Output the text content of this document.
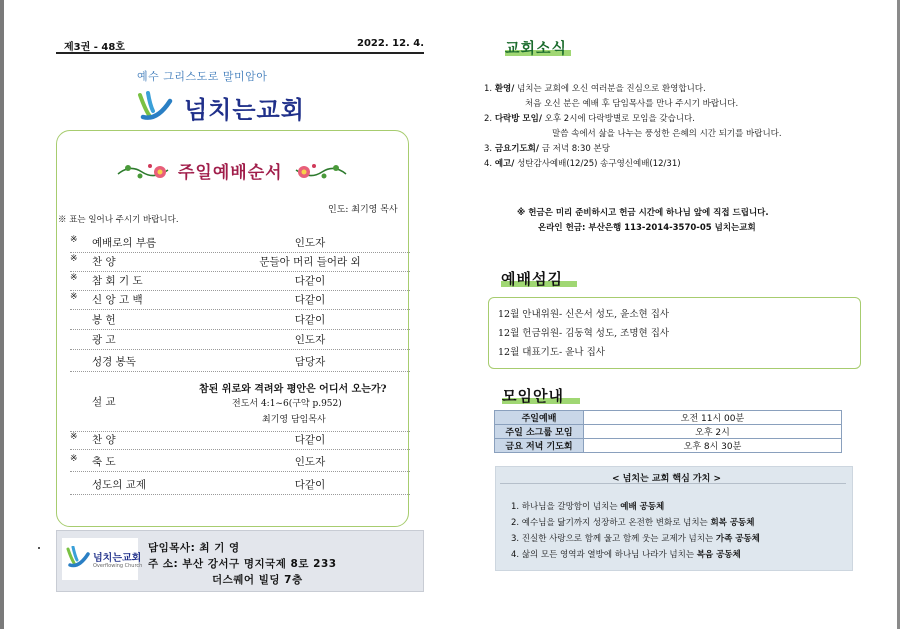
제3권 - 48호	2022. 12. 4.
예수 그리스도로 말미암아
넘치는교회
주일예배순서
인도: 최기영 목사
※ 표는 일어나 주시기 바랍니다.
※ 예배로의 부름	인도자
※ 찬 양	문들아 머리 들어라 외
※ 참 회 기 도	다같이
※ 신 앙 고 백	다같이
봉 헌	다같이
광 고	인도자
성경 봉독	담당자
설 교
참된 위로와 격려와 평안은 어디서 오는가?
전도서 4:1~6(구약 p.952)
최기영 담임목사
※ 찬 양	다같이
※ 축 도	인도자
성도의 교제	다같이
넘치는교회
Overflowing Church
담임목사: 최 기 영
주 소: 부산 강서구 명지국제 8로 233
더스퀘어 빌딩 7층
교회소식
1. 환영/ 넘치는 교회에 오신 여러분을 진심으로 환영합니다.
처음 오신 분은 예배 후 담임목사를 만나 주시기 바랍니다.
2. 다락방 모임/ 오후 2시에 다락방별로 모임을 갖습니다.
말씀 속에서 삶을 나누는 풍성한 은혜의 시간 되기를 바랍니다.
3. 금요기도회/ 금 저녁 8:30 본당
4. 예고/ 성탄감사예배(12/25) 송구영신예배(12/31)
※ 헌금은 미리 준비하시고 헌금 시간에 하나님 앞에 직접 드립니다.
온라인 헌금: 부산은행 113-2014-3570-05 넘치는교회
예배섬김
12월 안내위원- 신은서 성도, 윤소현 집사
12월 헌금위원- 김동혁 성도, 조명현 집사
12월 대표기도- 윤나 집사
모임안내
주일예배	오전 11시 00분
주일 소그룹 모임	오후 2시
금요 저녁 기도회	오후 8시 30분
< 넘치는 교회 핵심 가치 >
1. 하나님을 갈망함이 넘치는 예배 공동체
2. 예수님을 닮기까지 성장하고 온전한 변화로 넘치는 회복 공동체
3. 진실한 사랑으로 함께 울고 함께 웃는 교제가 넘치는 가족 공동체
4. 삶의 모든 영역과 열방에 하나님 나라가 넘치는 복음 공동체
